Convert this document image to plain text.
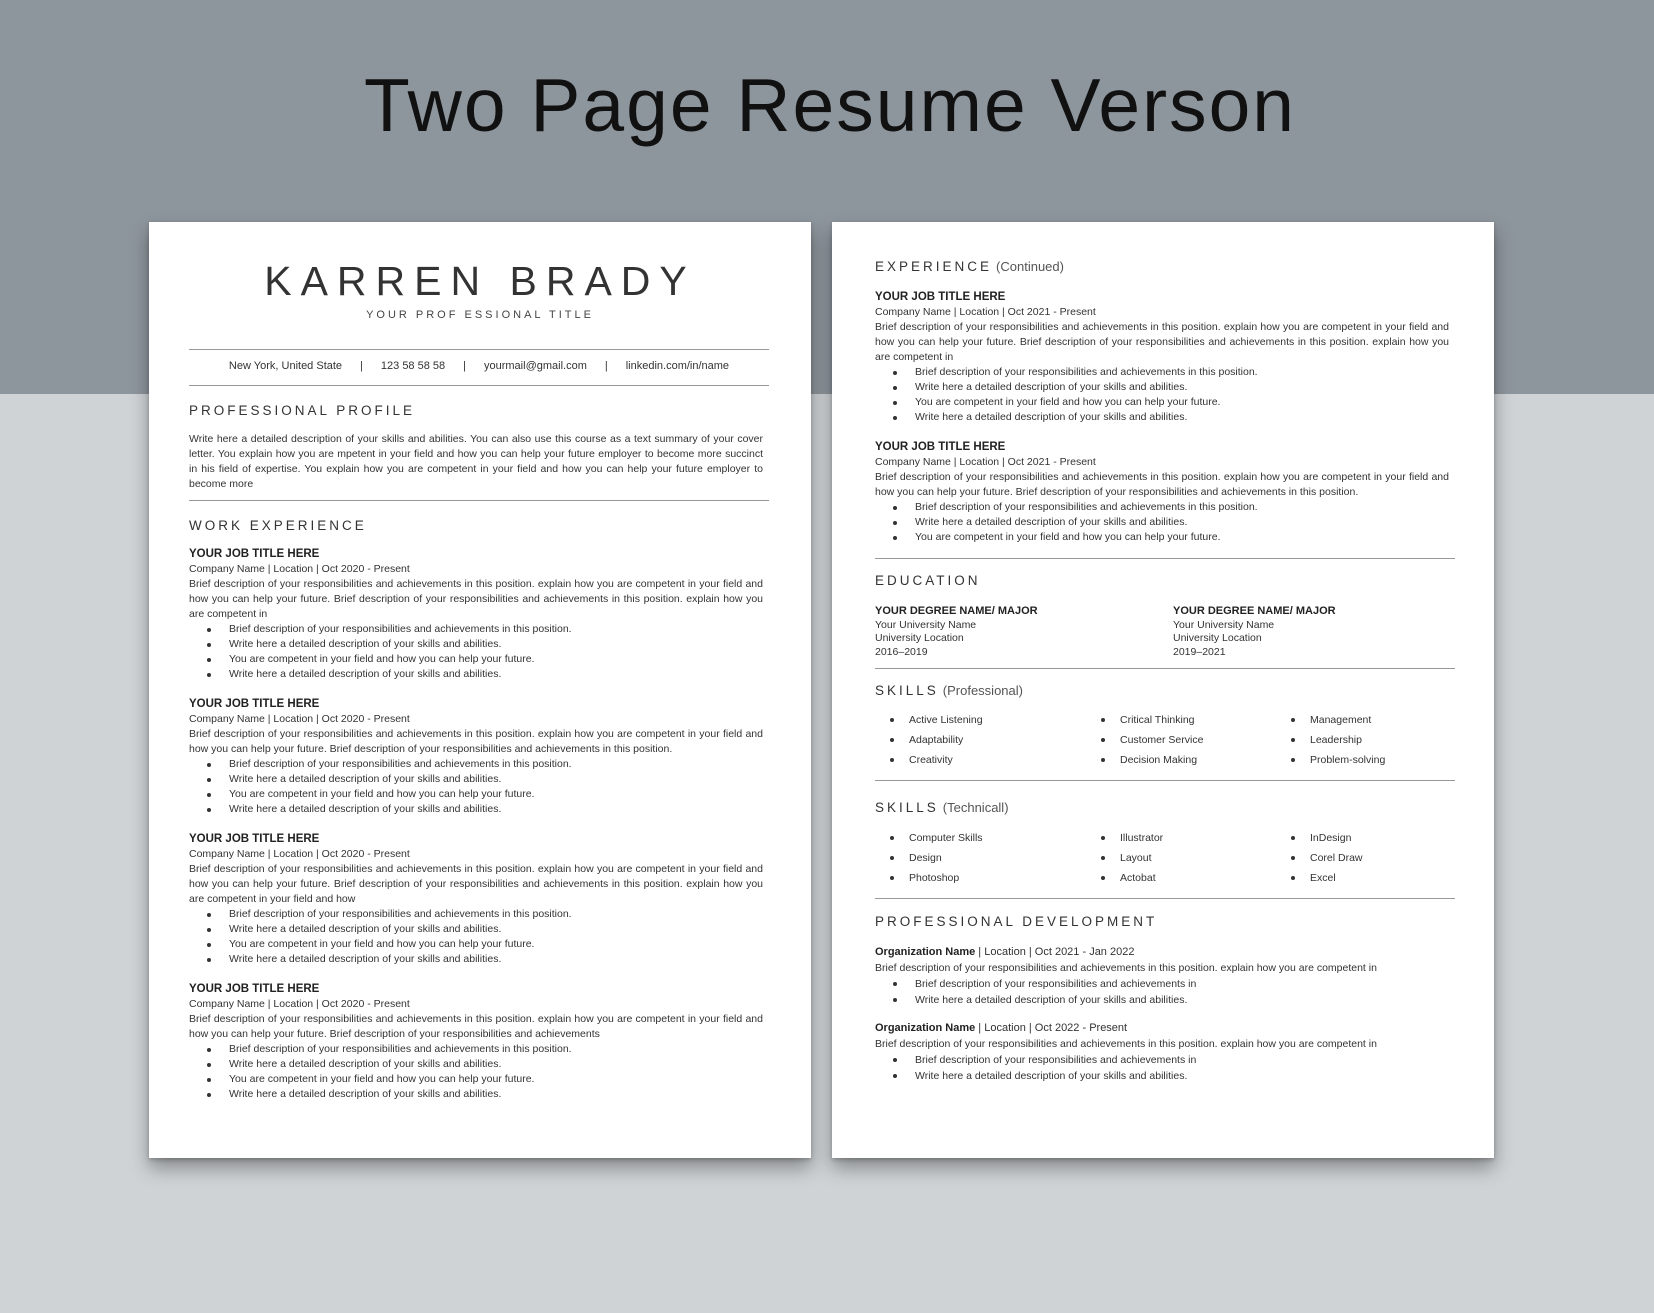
Two Page Resume Verson
KARREN BRADY
YOUR PROF ESSIONAL TITLE
New York, United State | 123 58 58 58 | yourmail@gmail.com | linkedin.com/in/name
PROFESSIONAL PROFILE
Write here a detailed description of your skills and abilities. You can also use this course as a text summary of your cover letter. You explain how you are mpetent in your field and how you can help your future employer to become more succinct in his field of expertise. You explain how you are competent in your field and how you can help your future employer to become more
WORK EXPERIENCE
YOUR JOB TITLE HERE
Company Name | Location | Oct 2020 - Present
Brief description of your responsibilities and achievements in this position. explain how you are competent in your field and how you can help your future. Brief description of your responsibilities and achievements in this position. explain how you are competent in
Brief description of your responsibilities and achievements in this position.
Write here a detailed description of your skills and abilities.
You are competent in your field and how you can help your future.
Write here a detailed description of your skills and abilities.
YOUR JOB TITLE HERE
Company Name | Location | Oct 2020 - Present
Brief description of your responsibilities and achievements in this position. explain how you are competent in your field and how you can help your future. Brief description of your responsibilities and achievements in this position.
Brief description of your responsibilities and achievements in this position.
Write here a detailed description of your skills and abilities.
You are competent in your field and how you can help your future.
Write here a detailed description of your skills and abilities.
YOUR JOB TITLE HERE
Company Name | Location | Oct 2020 - Present
Brief description of your responsibilities and achievements in this position. explain how you are competent in your field and how you can help your future. Brief description of your responsibilities and achievements in this position. explain how you are competent in your field and how
Brief description of your responsibilities and achievements in this position.
Write here a detailed description of your skills and abilities.
You are competent in your field and how you can help your future.
Write here a detailed description of your skills and abilities.
YOUR JOB TITLE HERE
Company Name | Location | Oct 2020 - Present
Brief description of your responsibilities and achievements in this position. explain how you are competent in your field and how you can help your future. Brief description of your responsibilities and achievements
Brief description of your responsibilities and achievements in this position.
Write here a detailed description of your skills and abilities.
You are competent in your field and how you can help your future.
Write here a detailed description of your skills and abilities.
EXPERIENCE (Continued)
YOUR JOB TITLE HERE
Company Name | Location | Oct 2021 - Present
Brief description of your responsibilities and achievements in this position. explain how you are competent in your field and how you can help your future. Brief description of your responsibilities and achievements in this position. explain how you are competent in
Brief description of your responsibilities and achievements in this position.
Write here a detailed description of your skills and abilities.
You are competent in your field and how you can help your future.
Write here a detailed description of your skills and abilities.
YOUR JOB TITLE HERE
Company Name | Location | Oct 2021 - Present
Brief description of your responsibilities and achievements in this position. explain how you are competent in your field and how you can help your future. Brief description of your responsibilities and achievements in this position.
Brief description of your responsibilities and achievements in this position.
Write here a detailed description of your skills and abilities.
You are competent in your field and how you can help your future.
EDUCATION
YOUR DEGREE NAME/ MAJOR
Your University Name
University Location
2016–2019
YOUR DEGREE NAME/ MAJOR
Your University Name
University Location
2019–2021
SKILLS (Professional)
Active Listening
Adaptability
Creativity
Critical Thinking
Customer Service
Decision Making
Management
Leadership
Problem-solving
SKILLS (Technicall)
Computer Skills
Design
Photoshop
Illustrator
Layout
Actobat
InDesign
Corel Draw
Excel
PROFESSIONAL DEVELOPMENT
Organization Name | Location | Oct 2021 - Jan 2022
Brief description of your responsibilities and achievements in this position. explain how you are competent in
Brief description of your responsibilities and achievements in
Write here a detailed description of your skills and abilities.
Organization Name | Location | Oct 2022 - Present
Brief description of your responsibilities and achievements in this position. explain how you are competent in
Brief description of your responsibilities and achievements in
Write here a detailed description of your skills and abilities.
